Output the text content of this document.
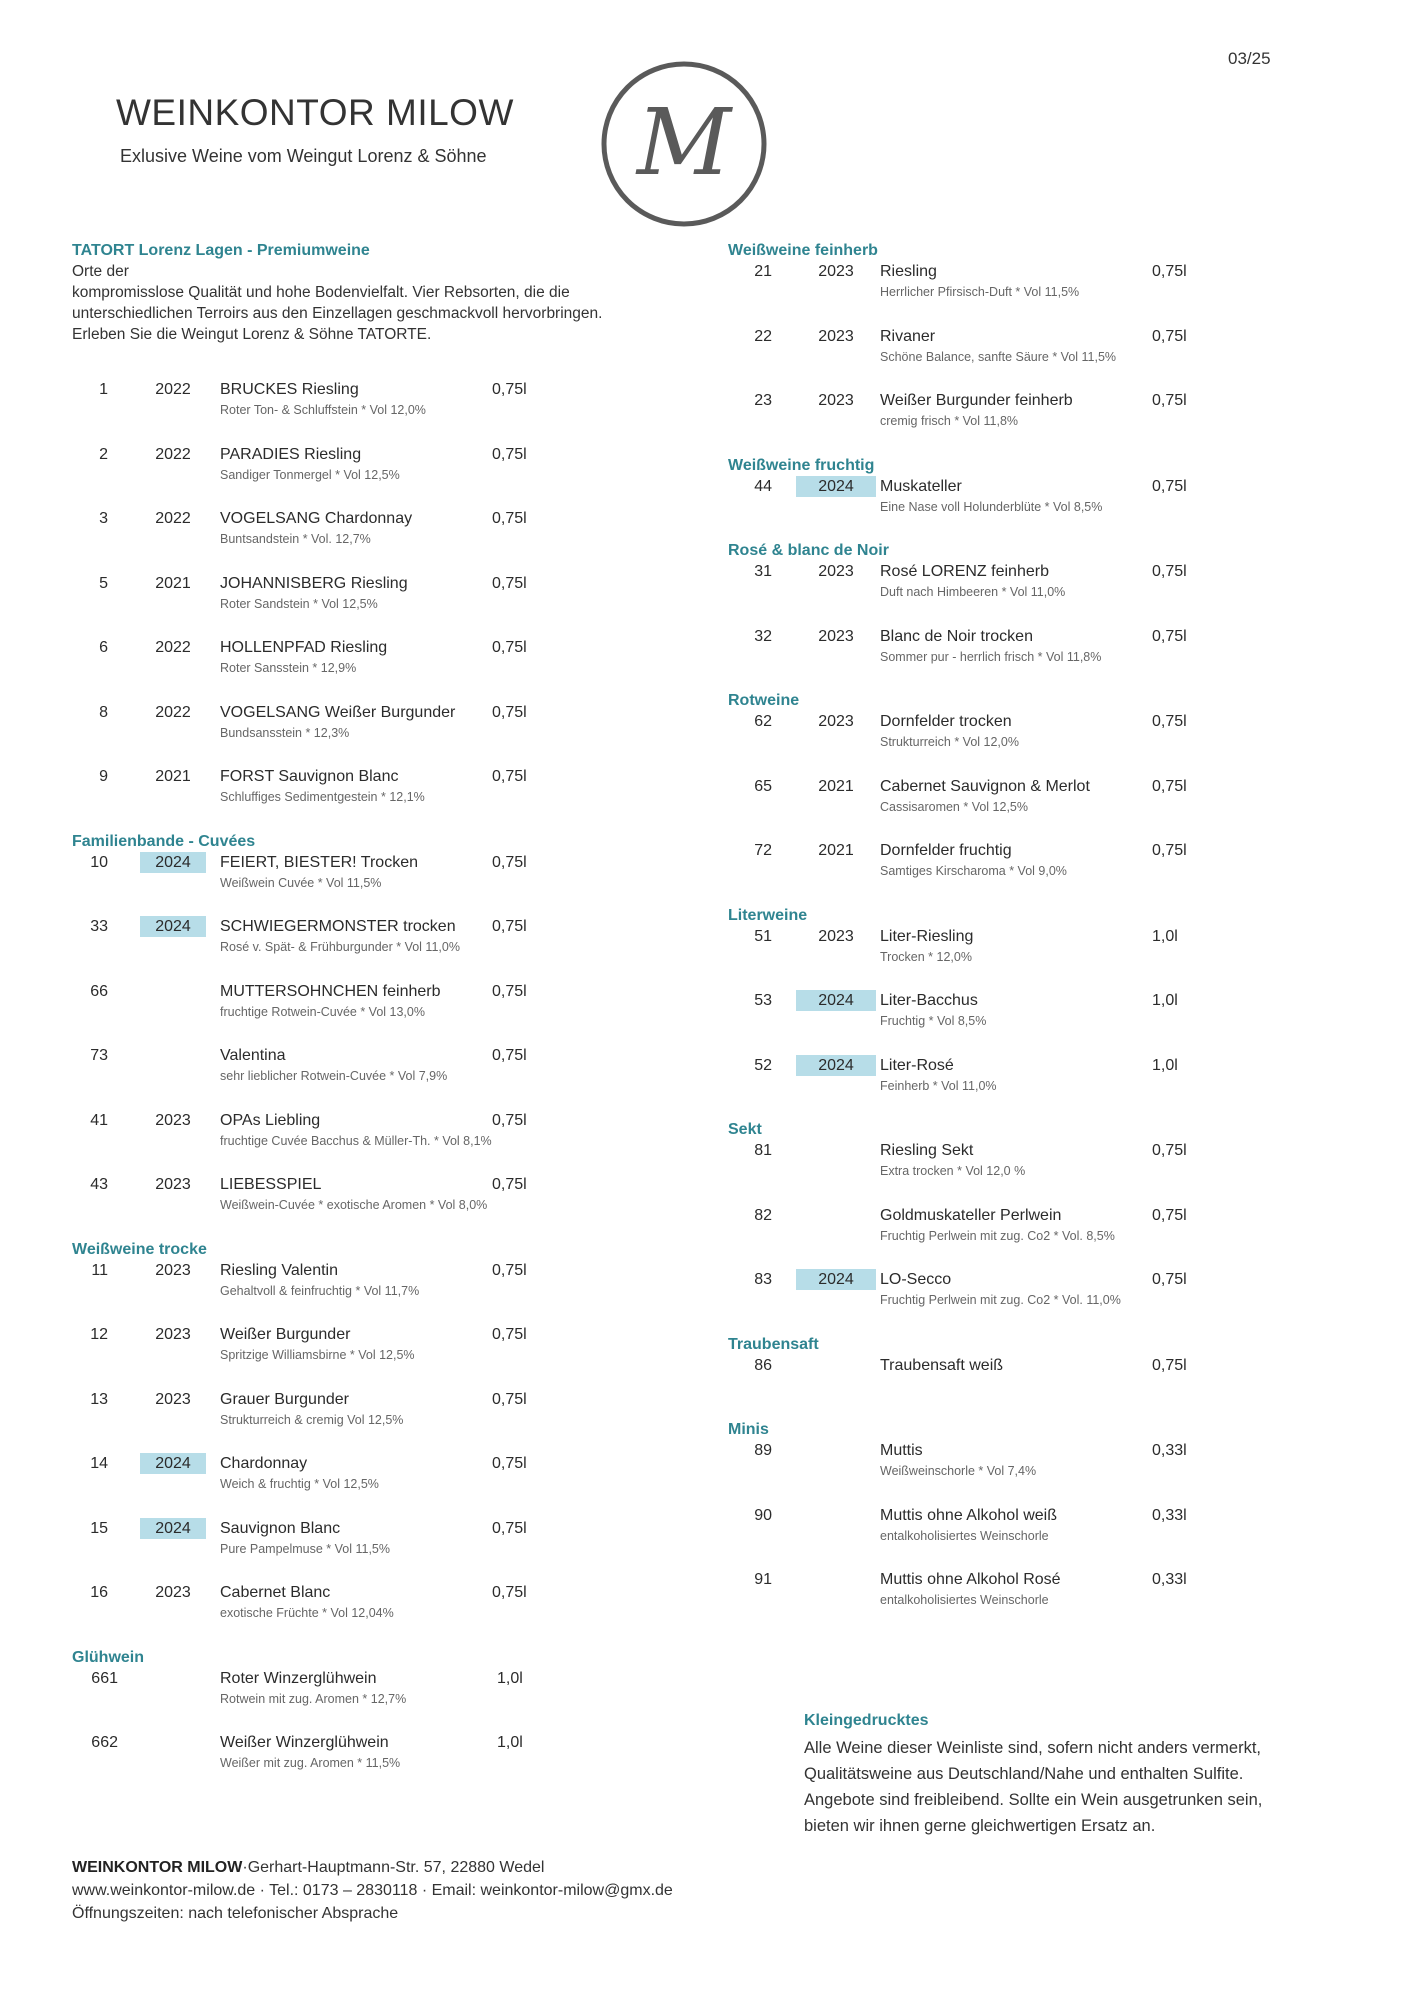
03/25
WEINKONTOR MILOW
Exlusive Weine vom Weingut Lorenz & Söhne M
TATORT Lorenz Lagen - Premiumweine

Orte der

kompromisslose Qualität und hohe Bodenvielfalt. Vier Rebsorten, die die

unterschiedlichen Terroirs aus den Einzellagen geschmackvoll hervorbringen.

Erleben Sie die Weingut Lorenz & Söhne TATORTE.

1	2022	BRUCKES Riesling	0,75l
Roter Ton- & Schluffstein * Vol 12,0%
2	2022	PARADIES Riesling	0,75l
Sandiger Tonmergel * Vol 12,5%
3	2022	VOGELSANG Chardonnay	0,75l
Buntsandstein * Vol. 12,7%
5	2021	JOHANNISBERG Riesling	0,75l
Roter Sandstein * Vol 12,5%
6	2022	HOLLENPFAD Riesling	0,75l
Roter Sansstein * 12,9%
8	2022	VOGELSANG Weißer Burgunder 0,75l
Bundsansstein * 12,3%
9	2021	FORST Sauvignon Blanc	0,75l
Schluffiges Sedimentgestein * 12,1%
Familienbande - Cuvées
10	2024	FEIERT, BIESTER! Trocken	0,75l
Weißwein Cuvée * Vol 11,5%
33	2024	SCHWIEGERMONSTER trocken 0,75l
Rosé v. Spät- & Frühburgunder * Vol 11,0%
66	MUTTERSOHNCHEN feinherb	0,75l
fruchtige Rotwein-Cuvée * Vol 13,0%
73	Valentina	0,75l
sehr lieblicher Rotwein-Cuvée * Vol 7,9%
41	2023	OPAs Liebling	0,75l
fruchtige Cuvée Bacchus & Müller-Th. * Vol 8,1%
43	2023	LIEBESSPIEL	0,75l
Weißwein-Cuvée * exotische Aromen * Vol 8,0%
Weißweine trocke
11	2023	Riesling Valentin	0,75l
Gehaltvoll & feinfruchtig * Vol 11,7%
12	2023	Weißer Burgunder	0,75l
Spritzige Williamsbirne * Vol 12,5%
13	2023	Grauer Burgunder	0,75l
Strukturreich & cremig Vol 12,5%
14	2024	Chardonnay	0,75l
Weich & fruchtig * Vol 12,5%
15	2024	Sauvignon Blanc	0,75l
Pure Pampelmuse * Vol 11,5%
16	2023	Cabernet Blanc	0,75l
exotische Früchte * Vol 12,04%
Glühwein
661	Roter Winzerglühwein	1,0l
Rotwein mit zug. Aromen * 12,7%
662	Weißer Winzerglühwein	1,0l
Weißer mit zug. Aromen * 11,5%
Weißweine feinherb
21	2023	Riesling	0,75l
Herrlicher Pfirsisch-Duft * Vol 11,5%
22	2023	Rivaner	0,75l
Schöne Balance, sanfte Säure * Vol 11,5%
23	2023	Weißer Burgunder feinherb	0,75l
cremig frisch * Vol 11,8%
Weißweine fruchtig
44	2024	Muskateller	0,75l
Eine Nase voll Holunderblüte * Vol 8,5%
Rosé & blanc de Noir
31	2023	Rosé LORENZ feinherb	0,75l
Duft nach Himbeeren * Vol 11,0%
32	2023	Blanc de Noir trocken	0,75l
Sommer pur - herrlich frisch * Vol 11,8%
Rotweine
62	2023	Dornfelder trocken	0,75l
Strukturreich * Vol 12,0%
65	2021	Cabernet Sauvignon & Merlot	0,75l
Cassisaromen * Vol 12,5%
72	2021	Dornfelder fruchtig	0,75l
Samtiges Kirscharoma * Vol 9,0%
Literweine
51	2023	Liter-Riesling	1,0l
Trocken * 12,0%
53	2024	Liter-Bacchus	1,0l
Fruchtig * Vol 8,5%
52	2024	Liter-Rosé	1,0l
Feinherb * Vol 11,0%
Sekt
81	Riesling Sekt	0,75l
Extra trocken * Vol 12,0 %
82	Goldmuskateller Perlwein	0,75l
Fruchtig Perlwein mit zug. Co2 * Vol. 8,5%
83	2024	LO-Secco	0,75l
Fruchtig Perlwein mit zug. Co2 * Vol. 11,0%
Traubensaft
86	Traubensaft weiß	0,75l
Minis
89	Muttis	0,33l
Weißweinschorle * Vol 7,4%
90	Muttis ohne Alkohol weiß	0,33l
entalkoholisiertes Weinschorle
91	Muttis ohne Alkohol Rosé	0,33l
entalkoholisiertes Weinschorle
Kleingedrucktes

Alle Weine dieser Weinliste sind, sofern nicht anders vermerkt,

Qualitätsweine aus Deutschland/Nahe und enthalten Sulfite.

Angebote sind freibleibend. Sollte ein Wein ausgetrunken sein,

bieten wir ihnen gerne gleichwertigen Ersatz an.

WEINKONTOR MILOW·Gerhart-Hauptmann-Str. 57, 22880 Wedel
www.weinkontor-milow.de · Tel.: 0173 – 2830118 · Email: weinkontor-milow@gmx.de
Öffnungszeiten: nach telefonischer Absprache
